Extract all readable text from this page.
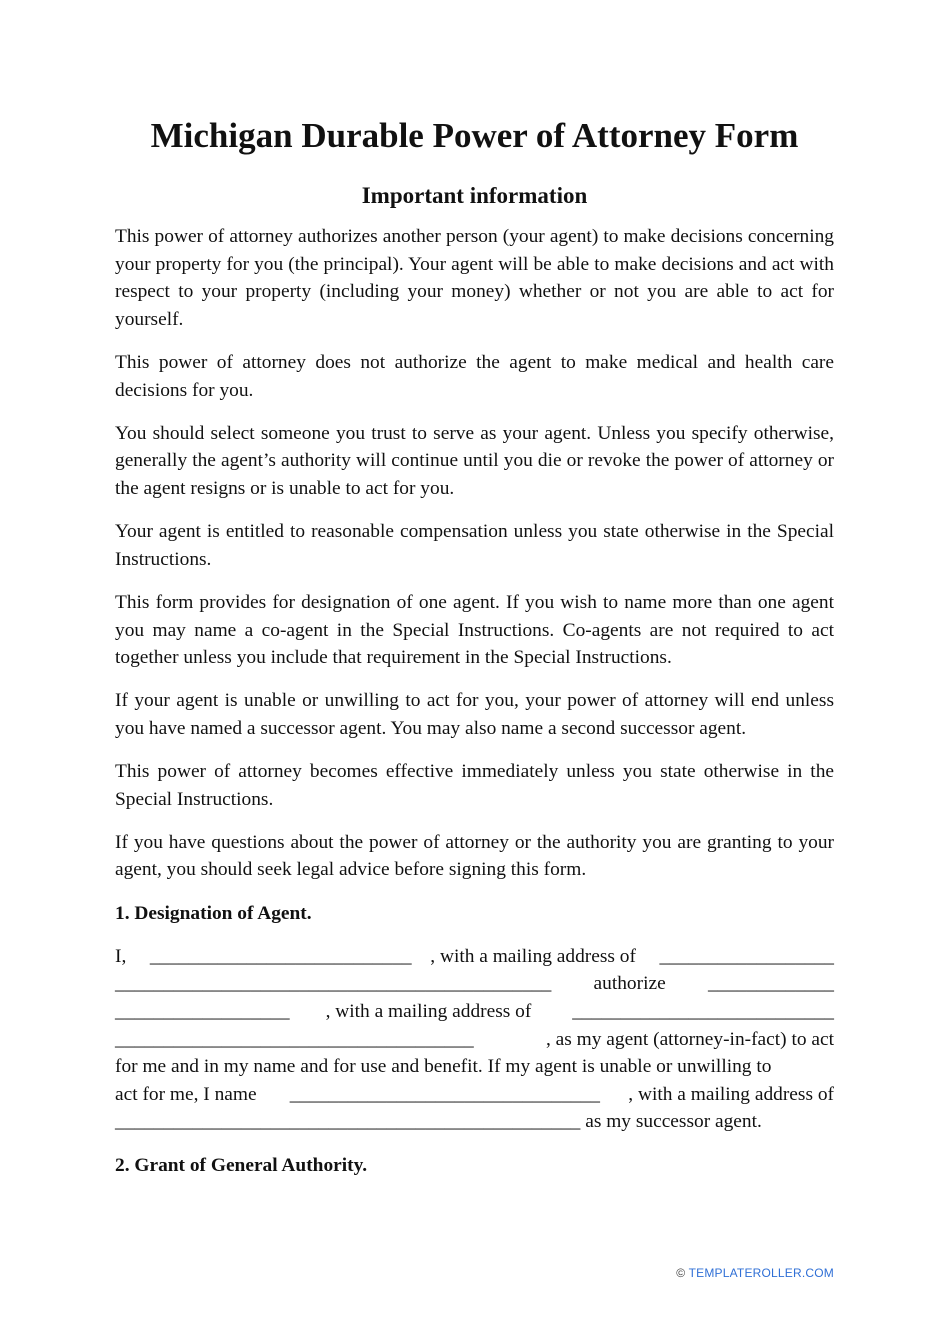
Michigan Durable Power of Attorney Form
Important information

This power of attorney authorizes another person (your agent) to make decisions concerning your property for you (the principal). Your agent will be able to make decisions and act with respect to your property (including your money) whether or not you are able to act for yourself.

This power of attorney does not authorize the agent to make medical and health care decisions for you.

You should select someone you trust to serve as your agent. Unless you specify otherwise, generally the agent’s authority will continue until you die or revoke the power of attorney or the agent resigns or is unable to act for you.

Your agent is entitled to reasonable compensation unless you state otherwise in the Special Instructions.

This form provides for designation of one agent. If you wish to name more than one agent you may name a co-agent in the Special Instructions. Co-agents are not required to act together unless you include that requirement in the Special Instructions.

If your agent is unable or unwilling to act for you, your power of attorney will end unless you have named a successor agent. You may also name a second successor agent.

This power of attorney becomes effective immediately unless you state otherwise in the Special Instructions.

If you have questions about the power of attorney or the authority you are granting to your agent, you should seek legal advice before signing this form.

1. Designation of Agent.

I, ___________________________ , with a mailing address of __________________
_____________________________________________ authorize _____________
__________________ , with a mailing address of ___________________________
_____________________________________	, as my agent (attorney-in-fact) to act
for me and in my name and for use and benefit. If my agent is unable or unwilling to
act for me, I name ________________________________ , with a mailing address of
________________________________________________ as my successor agent.

2. Grant of General Authority.

© TEMPLATEROLLER.COM
